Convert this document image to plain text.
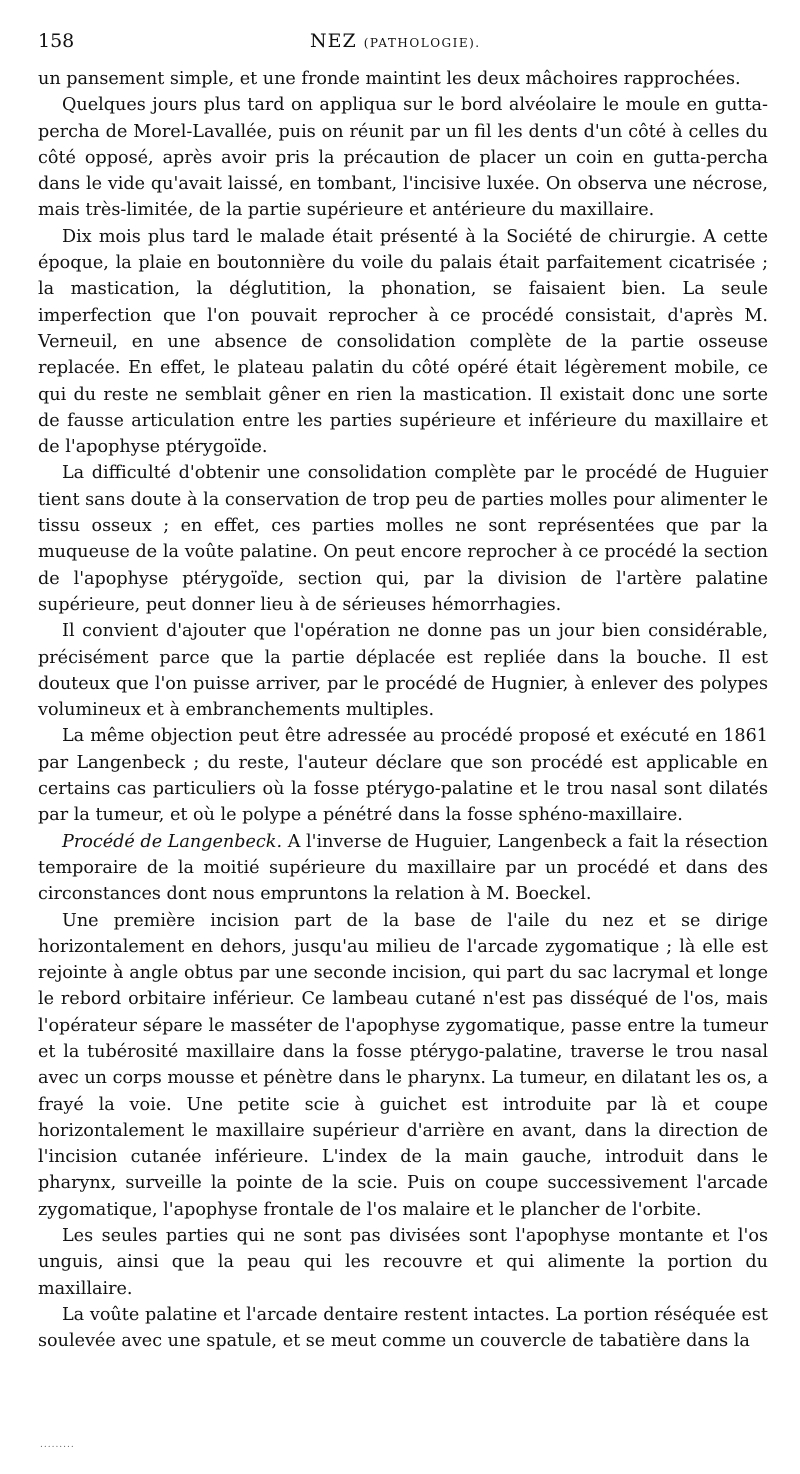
158	NEZ (PATHOLOGIE).

un pansement simple, et une fronde maintint les deux mâchoires rapprochées.

Quelques jours plus tard on appliqua sur le bord alvéolaire le moule en gutta-percha de Morel-Lavallée, puis on réunit par un fil les dents d'un côté à celles du côté opposé, après avoir pris la précaution de placer un coin en gutta-percha dans le vide qu'avait laissé, en tombant, l'incisive luxée. On observa une nécrose, mais très-limitée, de la partie supérieure et antérieure du maxillaire.

Dix mois plus tard le malade était présenté à la Société de chirurgie. A cette époque, la plaie en boutonnière du voile du palais était parfaitement cicatrisée ; la mastication, la déglutition, la phonation, se faisaient bien. La seule imperfection que l'on pouvait reprocher à ce procédé consistait, d'après M. Verneuil, en une absence de consolidation complète de la partie osseuse replacée. En effet, le plateau palatin du côté opéré était légèrement mobile, ce qui du reste ne semblait gêner en rien la mastication. Il existait donc une sorte de fausse articulation entre les parties supérieure et inférieure du maxillaire et de l'apophyse ptérygoïde.

La difficulté d'obtenir une consolidation complète par le procédé de Huguier tient sans doute à la conservation de trop peu de parties molles pour alimenter le tissu osseux ; en effet, ces parties molles ne sont représentées que par la muqueuse de la voûte palatine. On peut encore reprocher à ce procédé la section de l'apophyse ptérygoïde, section qui, par la division de l'artère palatine supérieure, peut donner lieu à de sérieuses hémorrhagies.

Il convient d'ajouter que l'opération ne donne pas un jour bien considérable, précisément parce que la partie déplacée est repliée dans la bouche. Il est douteux que l'on puisse arriver, par le procédé de Hugnier, à enlever des polypes volumineux et à embranchements multiples.

La même objection peut être adressée au procédé proposé et exécuté en 1861 par Langenbeck ; du reste, l'auteur déclare que son procédé est applicable en certains cas particuliers où la fosse ptérygo-palatine et le trou nasal sont dilatés par la tumeur, et où le polype a pénétré dans la fosse sphéno-maxillaire.

Procédé de Langenbeck. A l'inverse de Huguier, Langenbeck a fait la résection temporaire de la moitié supérieure du maxillaire par un procédé et dans des circonstances dont nous empruntons la relation à M. Boeckel.

Une première incision part de la base de l'aile du nez et se dirige horizontalement en dehors, jusqu'au milieu de l'arcade zygomatique ; là elle est rejointe à angle obtus par une seconde incision, qui part du sac lacrymal et longe le rebord orbitaire inférieur. Ce lambeau cutané n'est pas disséqué de l'os, mais l'opérateur sépare le masséter de l'apophyse zygomatique, passe entre la tumeur et la tubérosité maxillaire dans la fosse ptérygo-palatine, traverse le trou nasal avec un corps mousse et pénètre dans le pharynx. La tumeur, en dilatant les os, a frayé la voie. Une petite scie à guichet est introduite par là et coupe horizontalement le maxillaire supérieur d'arrière en avant, dans la direction de l'incision cutanée inférieure. L'index de la main gauche, introduit dans le pharynx, surveille la pointe de la scie. Puis on coupe successivement l'arcade zygomatique, l'apophyse frontale de l'os malaire et le plancher de l'orbite.

Les seules parties qui ne sont pas divisées sont l'apophyse montante et l'os unguis, ainsi que la peau qui les recouvre et qui alimente la portion du maxillaire.

La voûte palatine et l'arcade dentaire restent intactes. La portion réséquée est soulevée avec une spatule, et se meut comme un couvercle de tabatière dans la

.........
